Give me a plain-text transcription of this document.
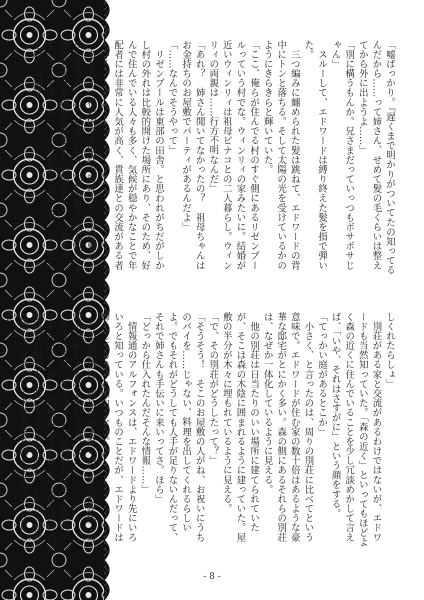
「嘘ばっかり。『遅くまで明かりがついてたの知ってるんだから……って姉さん、せめて髪の毛くらいは整えてから外に出ようよ……」
「別に構うもんか。兄さまだっていっつもボサボサじゃん」
　スルーして、エドワードは縛り終えた髪を指で弾いた。
　三つ編みに纏められた髪は跳ねて、エドワードの背中にトンと落ちる。そして太陽の光を受けているかのようにきらきらと輝いていた。
「ここ、俺らが住んでる村のすぐ側にあるリゼンブールっていう村でな。ウィンリィの家みたいに。結婚が近いウィンリィは祖母ピナコとの二人暮らし。ウィンリィの両親は……行方不明なんだ」
「あれ？　姉さん聞いてなかったの？　祖母ちゃんはお金持ちのお屋敷でパーティがあるんだよ」
「……なんでそうやって」
　リゼンブールは東部の田舎。と思われがちだがしかし村の外れは比較的開けた場所にあり、そのため、好んで住んでいる人々も多く、気候が穏やかなことで年配者には非常に人気が高く、貴族達との交流がある者もいる。
　もちろん、村の中でも別荘の管理人として屋敷の一つを任されることになったり、「森の近くのお屋敷」をのぞむような場所にあるらしい別荘がいくつかあって、そこでホームパーティがあるらしくて、なんでもその人の招待
しくれたらしょ」
　別荘がある家と交流があるわけではないが、エドワードも当然知っていた。「森の近く」といってもほどよく森の近くに住んでいることを少し冗談めかして言えば、「いや、それはさすがに」という顔をする。
「てっかい庭があるとこか」
　小さく、と言ったのは、周りの別荘に比べてという意味で。エドワードが住む家の数十倍はあるような豪華な邸宅がとにかく多い。森の側にあるそれらの別荘は、なぜか一体化しているように見える。
　他の別荘は日当たりのいい場所に建てられていたが、そこは森の木陰に囲まれるように建っていた。屋敷の半分が木々に埋もれているように見える。
「で、その別荘がどうしたって？」
「そうそう！　そこのお屋敷の人がね、お祝いにうちのパイを……じゃない、料理を出してくれるらしいよ。でもそれがどうしても人手が足りないんだって、それで姉さんも手伝いに来いってさ。ほら」
「どっから仕入れたんだそんな情報……」
　情報通のアルフォンスは、エドワードより先にいろいろと知っている。いつものことだが、エドワードは姉としてちょっと面白くない。
　この違和感は、顔には出さないが、なんだか年下の弟の方がしっかりしているような……。
　そういえば、アルフォンスは村のおばちゃん達のアイドルだ。しかし、料理の上手な姉という存在は村の奥様方の中でも話題に上ることがある。しかし、料理に関してはエドワードはあまり深く考えないことにした。
- 8 -
